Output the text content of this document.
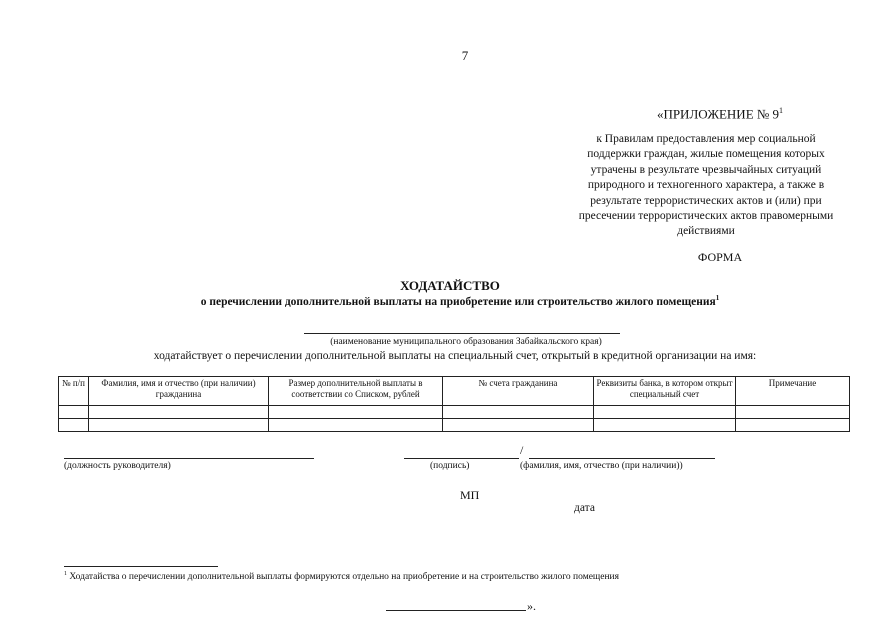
7
«ПРИЛОЖЕНИЕ № $9^1$
к Правилам предоставления мер социальной
поддержки граждан, жилые помещения которых
утрачены в результате чрезвычайных ситуаций
природного и техногенного характера, а также в
результате террористических актов и (или) при
пресечении террористических актов правомерными
действиями
ФОРМА
ХОДАТАЙСТВО
о перечислении дополнительной выплаты на приобретение или строительство жилого помещения$^1$
(наименование муниципального образования Забайкальского края)
ходатайствует о перечислении дополнительной выплаты на специальный счет, открытый в кредитной организации на имя:
№ п/п	Фамилия, имя и отчество (при наличии) гражданина	Размер дополнительной выплаты в соответствии со Списком, рублей	№ счета гражданина	Реквизиты банка, в котором открыт специальный счет	Примечание

/
(должность руководителя)	(подпись)	(фамилия, имя, отчество (при наличии))
МП
дата
$^1$ Ходатайства о перечислении дополнительной выплаты формируются отдельно на приобретение и на строительство жилого помещения
».
